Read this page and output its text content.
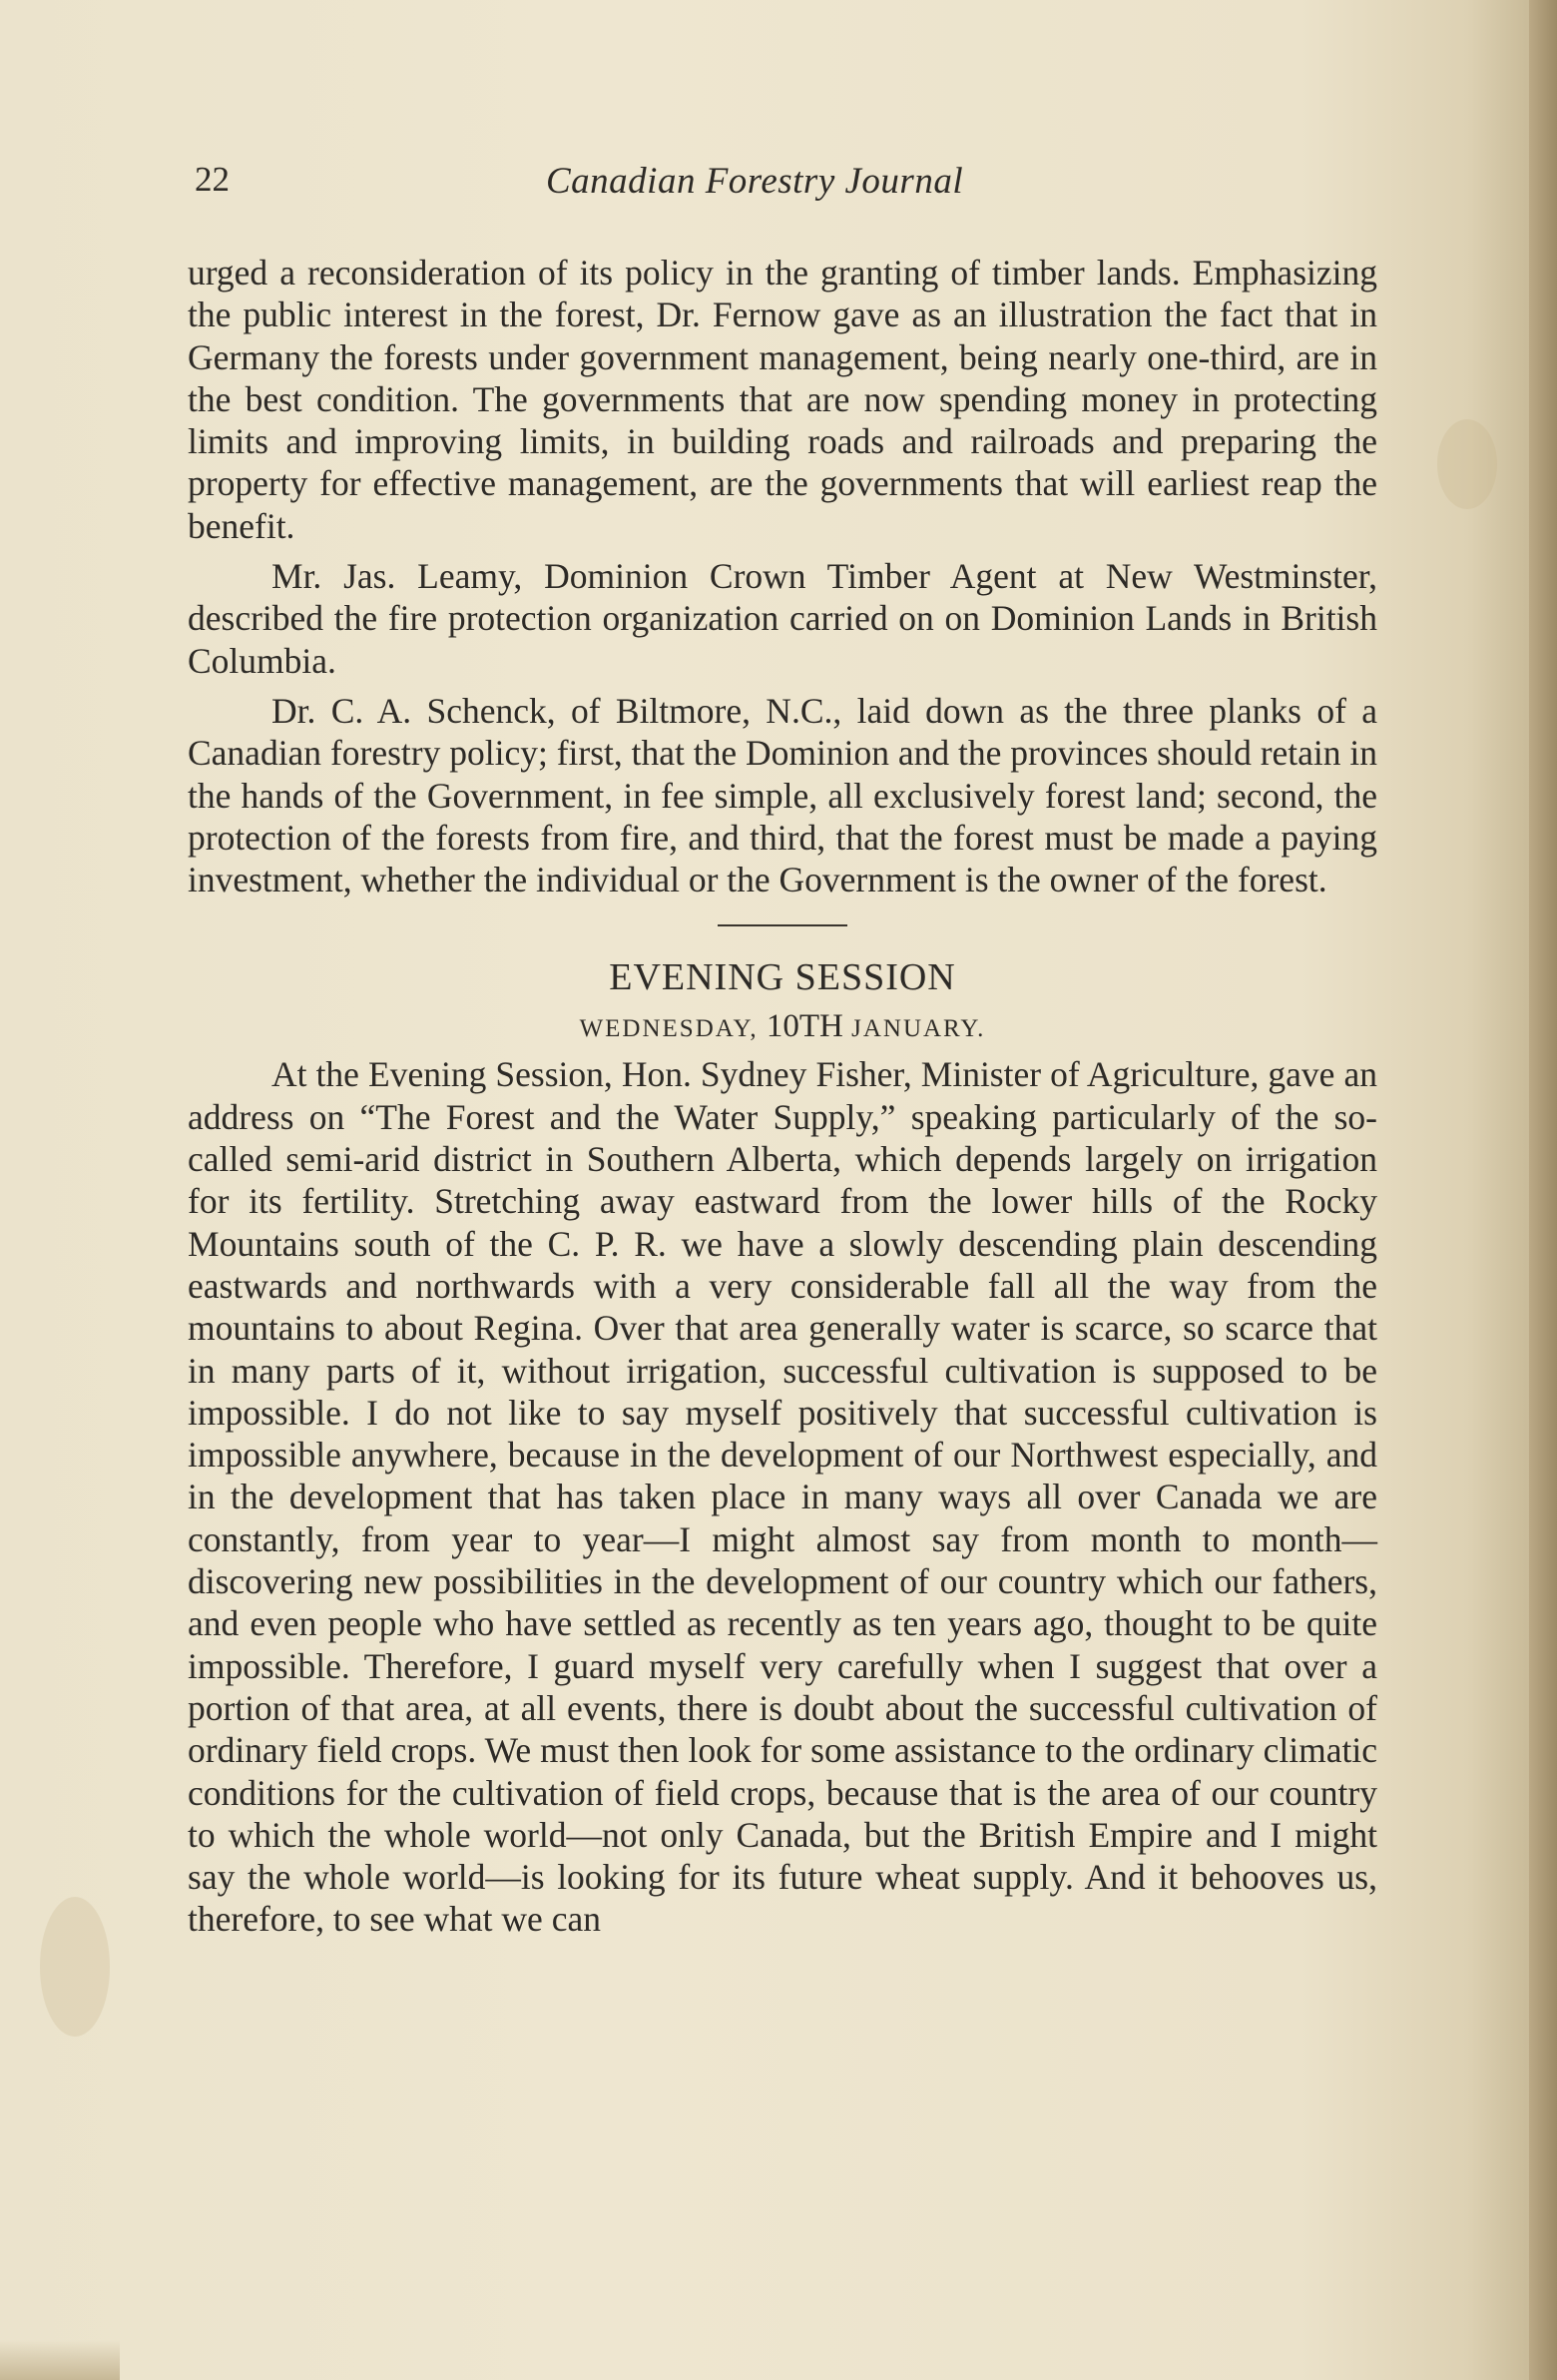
22	Canadian Forestry Journal

urged a reconsideration of its policy in the granting of timber lands. Emphasizing the public interest in the forest, Dr. Fernow gave as an illustration the fact that in Germany the forests under government management, being nearly one-third, are in the best condition. The governments that are now spending money in protecting limits and improving limits, in building roads and railroads and preparing the property for effective management, are the governments that will earliest reap the benefit.

Mr. Jas. Leamy, Dominion Crown Timber Agent at New Westminster, described the fire protection organization carried on on Dominion Lands in British Columbia.

Dr. C. A. Schenck, of Biltmore, N.C., laid down as the three planks of a Canadian forestry policy; first, that the Dominion and the provinces should retain in the hands of the Government, in fee simple, all exclusively forest land; second, the protection of the forests from fire, and third, that the forest must be made a paying investment, whether the individual or the Government is the owner of the forest.

EVENING SESSION
WEDNESDAY, 10TH JANUARY.

At the Evening Session, Hon. Sydney Fisher, Minister of Agriculture, gave an address on “The Forest and the Water Supply,” speaking particularly of the so-called semi-arid district in Southern Alberta, which depends largely on irrigation for its fertility. Stretching away eastward from the lower hills of the Rocky Mountains south of the C. P. R. we have a slowly descending plain descending eastwards and northwards with a very considerable fall all the way from the mountains to about Regina. Over that area generally water is scarce, so scarce that in many parts of it, without irrigation, successful cultivation is supposed to be impossible. I do not like to say myself positively that successful cultivation is impossible anywhere, because in the development of our Northwest especially, and in the development that has taken place in many ways all over Canada we are constantly, from year to year—I might almost say from month to month—discovering new possibilities in the development of our country which our fathers, and even people who have settled as recently as ten years ago, thought to be quite impossible. Therefore, I guard myself very carefully when I suggest that over a portion of that area, at all events, there is doubt about the successful cultivation of ordinary field crops. We must then look for some assistance to the ordinary climatic conditions for the cultivation of field crops, because that is the area of our country to which the whole world—not only Canada, but the British Empire and I might say the whole world—is looking for its future wheat supply. And it behooves us, therefore, to see what we can
